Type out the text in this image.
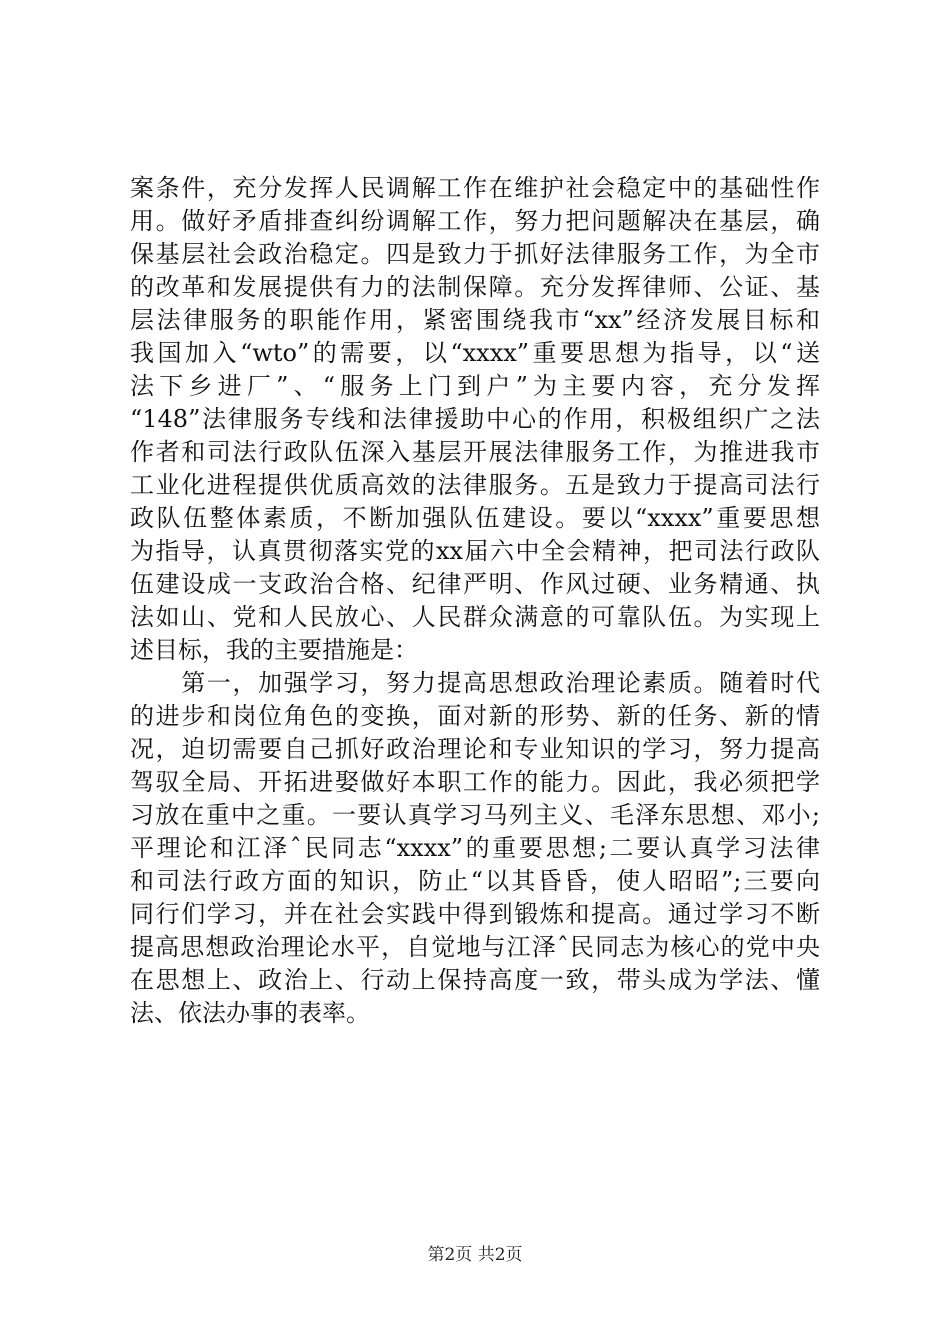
案条件，充分发挥人民调解工作在维护社会稳定中的基础性作
用。做好矛盾排查纠纷调解工作，努力把问题解决在基层，确
保基层社会政治稳定。四是致力于抓好法律服务工作，为全市
的改革和发展提供有力的法制保障。充分发挥律师、公证、基
层法律服务的职能作用，紧密围绕我市“xx”经济发展目标和
我国加入“wto”的需要，以“xxxx”重要思想为指导，以“送
法下乡进厂”、“服务上门到户”为主要内容，充分发挥
“148”法律服务专线和法律援助中心的作用，积极组织广之法
作者和司法行政队伍深入基层开展法律服务工作，为推进我市
工业化进程提供优质高效的法律服务。五是致力于提高司法行
政队伍整体素质，不断加强队伍建设。要以“xxxx”重要思想
为指导，认真贯彻落实党的xx届六中全会精神，把司法行政队
伍建设成一支政治合格、纪律严明、作风过硬、业务精通、执
法如山、党和人民放心、人民群众满意的可靠队伍。为实现上
述目标，我的主要措施是：
　　第一，加强学习，努力提高思想政治理论素质。随着时代
的进步和岗位角色的变换，面对新的形势、新的任务、新的情
况，迫切需要自己抓好政治理论和专业知识的学习，努力提高
驾驭全局、开拓进娶做好本职工作的能力。因此，我必须把学
习放在重中之重。一要认真学习马列主义、毛泽东思想、邓小;
平理论和江泽ˆ民同志“xxxx”的重要思想;二要认真学习法律
和司法行政方面的知识，防止“以其昏昏，使人昭昭”;三要向
同行们学习，并在社会实践中得到锻炼和提高。通过学习不断
提高思想政治理论水平，自觉地与江泽ˆ民同志为核心的党中央
在思想上、政治上、行动上保持高度一致，带头成为学法、懂
法、依法办事的表率。
第2页 共2页
